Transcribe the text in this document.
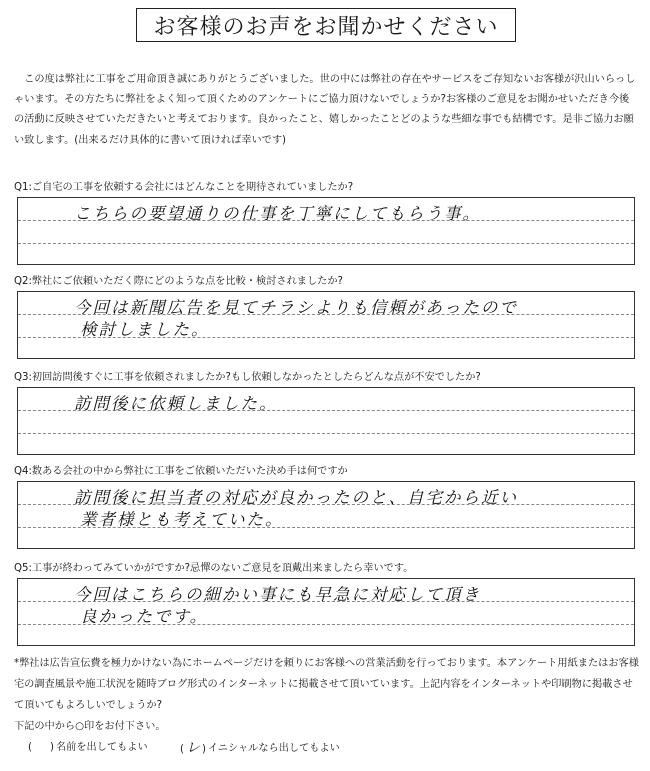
お客様のお声をお聞かせください
この度は弊社に工事をご用命頂き誠にありがとうございました。世の中には弊社の存在やサービスをご存知ないお客様が沢山いらっしゃいます。その方たちに弊社をよく知って頂くためのアンケートにご協力頂けないでしょうか?お客様のご意見をお聞かせいただき今後の活動に反映させていただきたいと考えております。良かったこと、嬉しかったことどのような些細な事でも結構です。是非ご協力お願い致します。(出来るだけ具体的に書いて頂ければ幸いです)
Q1:ご自宅の工事を依頼する会社にはどんなことを期待されていましたか?
こちらの要望通りの仕事を丁寧にしてもらう事。
Q2:弊社にご依頼いただく際にどのような点を比較・検討されましたか?
今回は新聞広告を見てチラシよりも信頼があったので
検討しました。
Q3:初回訪問後すぐに工事を依頼されましたか?もし依頼しなかったとしたらどんな点が不安でしたか?
訪問後に依頼しました。
Q4:数ある会社の中から弊社に工事をご依頼いただいた決め手は何ですか
訪問後に担当者の対応が良かったのと、自宅から近い
業者様とも考えていた。
Q5:工事が終わってみていかがですか?忌憚のないご意見を頂戴出来ましたら幸いです。
今回はこちらの細かい事にも早急に対応して頂き
良かったです。
*弊社は広告宣伝費を極力かけない為にホームページだけを頼りにお客様への営業活動を行っております。本アンケート用紙またはお客様宅の調査風景や施工状況を随時ブログ形式のインターネットに掲載させて頂いています。上記内容をインターネットや印刷物に掲載させて頂いてもよろしいでしょうか?
下記の中から○印をお付下さい。
( ) 名前を出してもよい	( レ ) イニシャルなら出してもよい
